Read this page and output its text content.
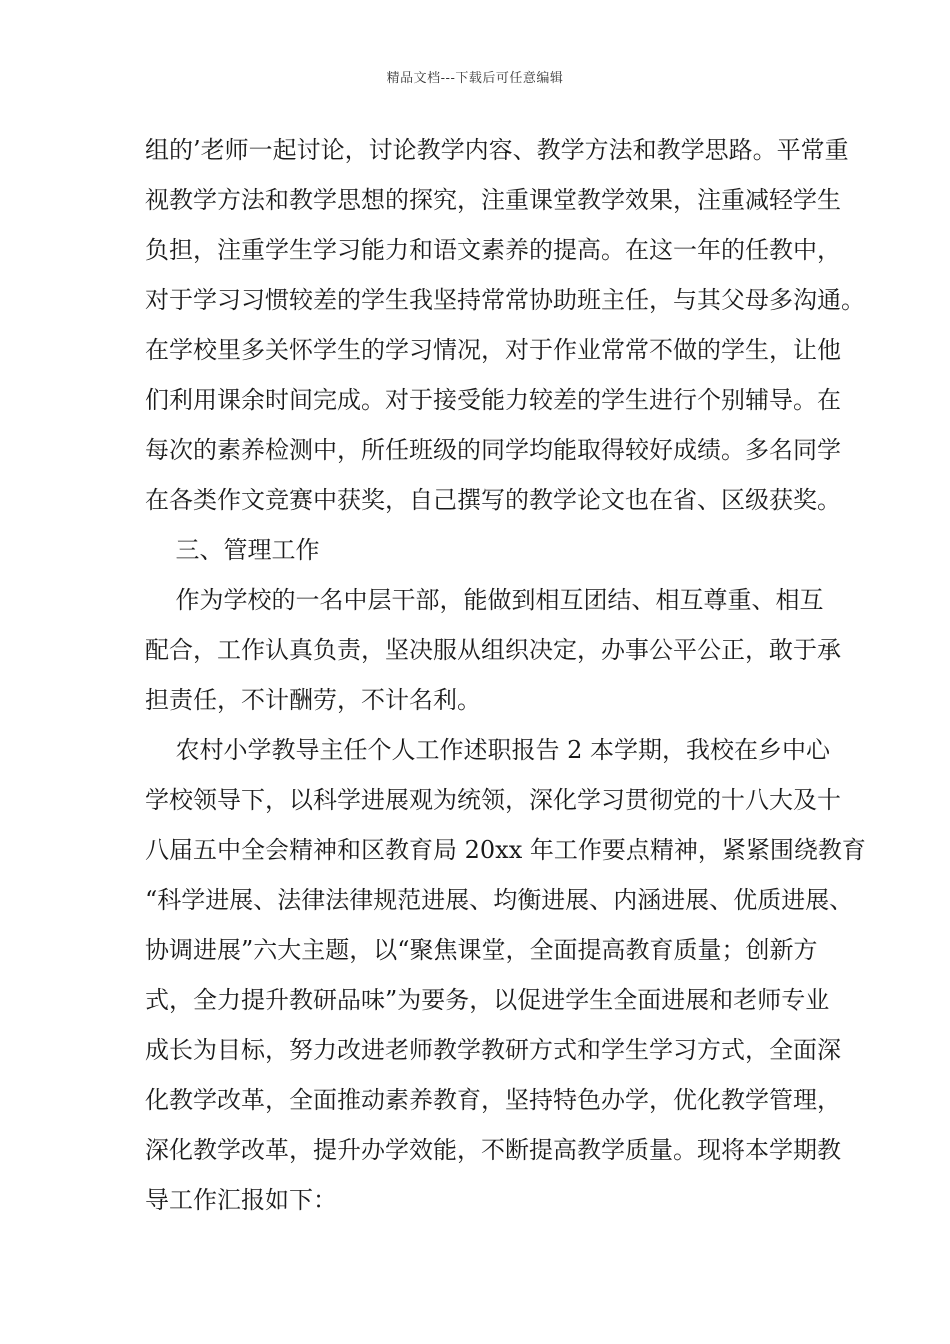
精品文档---下载后可任意编辑
组的’老师一起讨论，讨论教学内容、教学方法和教学思路。平常重
视教学方法和教学思想的探究，注重课堂教学效果，注重减轻学生
负担，注重学生学习能力和语文素养的提高。在这一年的任教中，
对于学习习惯较差的学生我坚持常常协助班主任，与其父母多沟通。
在学校里多关怀学生的学习情况，对于作业常常不做的学生，让他
们利用课余时间完成。对于接受能力较差的学生进行个别辅导。在
每次的素养检测中，所任班级的同学均能取得较好成绩。多名同学
在各类作文竞赛中获奖，自己撰写的教学论文也在省、区级获奖。
三、管理工作
作为学校的一名中层干部，能做到相互团结、相互尊重、相互
配合，工作认真负责，坚决服从组织决定，办事公平公正，敢于承
担责任，不计酬劳，不计名利。
农村小学教导主任个人工作述职报告 2 本学期，我校在乡中心
学校领导下，以科学进展观为统领，深化学习贯彻党的十八大及十
八届五中全会精神和区教育局 20xx 年工作要点精神，紧紧围绕教育
“科学进展、法律法律规范进展、均衡进展、内涵进展、优质进展、
协调进展”六大主题，以“聚焦课堂，全面提高教育质量；创新方
式，全力提升教研品味”为要务，以促进学生全面进展和老师专业
成长为目标，努力改进老师教学教研方式和学生学习方式，全面深
化教学改革，全面推动素养教育，坚持特色办学，优化教学管理，
深化教学改革，提升办学效能，不断提高教学质量。现将本学期教
导工作汇报如下：
